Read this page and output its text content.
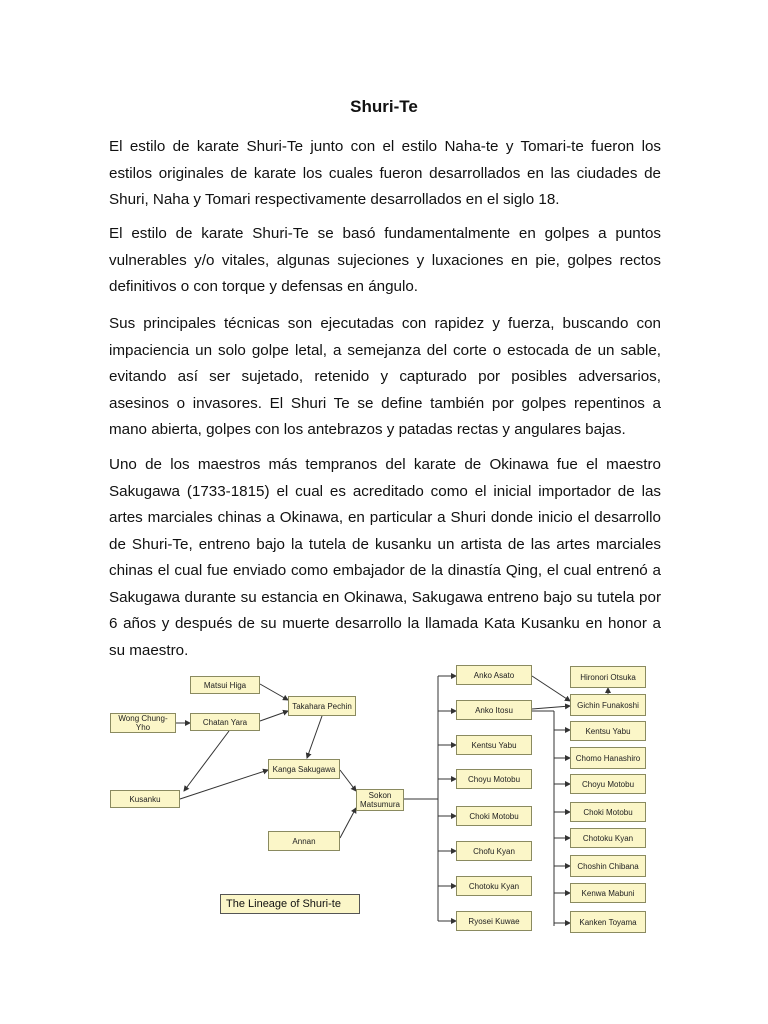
Shuri-Te

El estilo de karate Shuri-Te junto con el estilo Naha-te y Tomari-te fueron los estilos originales de karate los cuales fueron desarrollados en las ciudades de Shuri, Naha y Tomari respectivamente desarrollados en el siglo 18.

El estilo de karate Shuri-Te se basó fundamentalmente en golpes a puntos vulnerables y/o vitales, algunas sujeciones y luxaciones en pie, golpes rectos definitivos o con torque y defensas en ángulo.

Sus principales técnicas son ejecutadas con rapidez y fuerza, buscando con impaciencia un solo golpe letal, a semejanza del corte o estocada de un sable, evitando así ser sujetado, retenido y capturado por posibles adversarios, asesinos o invasores. El Shuri Te se define también por golpes repentinos a mano abierta, golpes con los antebrazos y patadas rectas y angulares bajas.

Uno de los maestros más tempranos del karate de Okinawa fue el maestro Sakugawa (1733-1815) el cual es acreditado como el inicial importador de las artes marciales chinas a Okinawa, en particular a Shuri donde inicio el desarrollo de Shuri-Te, entreno bajo la tutela de kusanku un artista de las artes marciales chinas el cual fue enviado como embajador de la dinastía Qing, el cual entrenó a Sakugawa durante su estancia en Okinawa, Sakugawa entreno bajo su tutela por 6 años y después de su muerte desarrollo la llamada Kata Kusanku en honor a su maestro.

Matsui Higa
Wong Chung-Yho
Chatan Yara
Takahara Pechin
Kanga Sakugawa
Kusanku
Annan
Sokon Matsumura
Anko Asato
Anko Itosu
Kentsu Yabu
Choyu Motobu
Choki Motobu
Chofu Kyan
Chotoku Kyan
Ryosei Kuwae
Hironori Otsuka
Gichin Funakoshi
Kentsu Yabu
Chomo Hanashiro
Choyu Motobu
Choki Motobu
Chotoku Kyan
Choshin Chibana
Kenwa Mabuni
Kanken Toyama
The Lineage of Shuri-te
